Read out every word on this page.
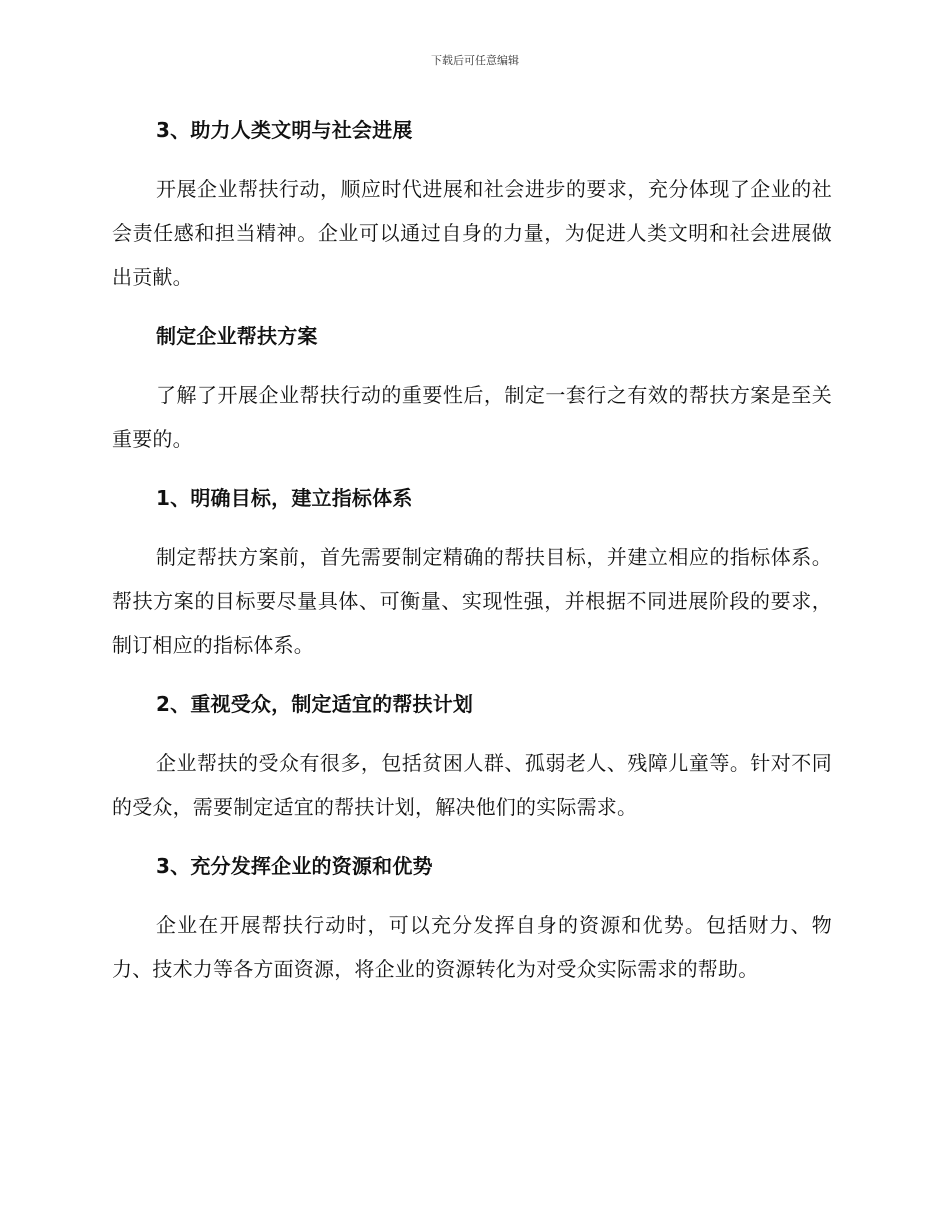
下载后可任意编辑
3、助力人类文明与社会进展

开展企业帮扶行动，顺应时代进展和社会进步的要求，充分体现了企业的社会责任感和担当精神。企业可以通过自身的力量，为促进人类文明和社会进展做出贡献。

制定企业帮扶方案

了解了开展企业帮扶行动的重要性后，制定一套行之有效的帮扶方案是至关重要的。

1、明确目标，建立指标体系

制定帮扶方案前，首先需要制定精确的帮扶目标，并建立相应的指标体系。帮扶方案的目标要尽量具体、可衡量、实现性强，并根据不同进展阶段的要求，制订相应的指标体系。

2、重视受众，制定适宜的帮扶计划

企业帮扶的受众有很多，包括贫困人群、孤弱老人、残障儿童等。针对不同的受众，需要制定适宜的帮扶计划，解决他们的实际需求。

3、充分发挥企业的资源和优势

企业在开展帮扶行动时，可以充分发挥自身的资源和优势。包括财力、物力、技术力等各方面资源，将企业的资源转化为对受众实际需求的帮助。
